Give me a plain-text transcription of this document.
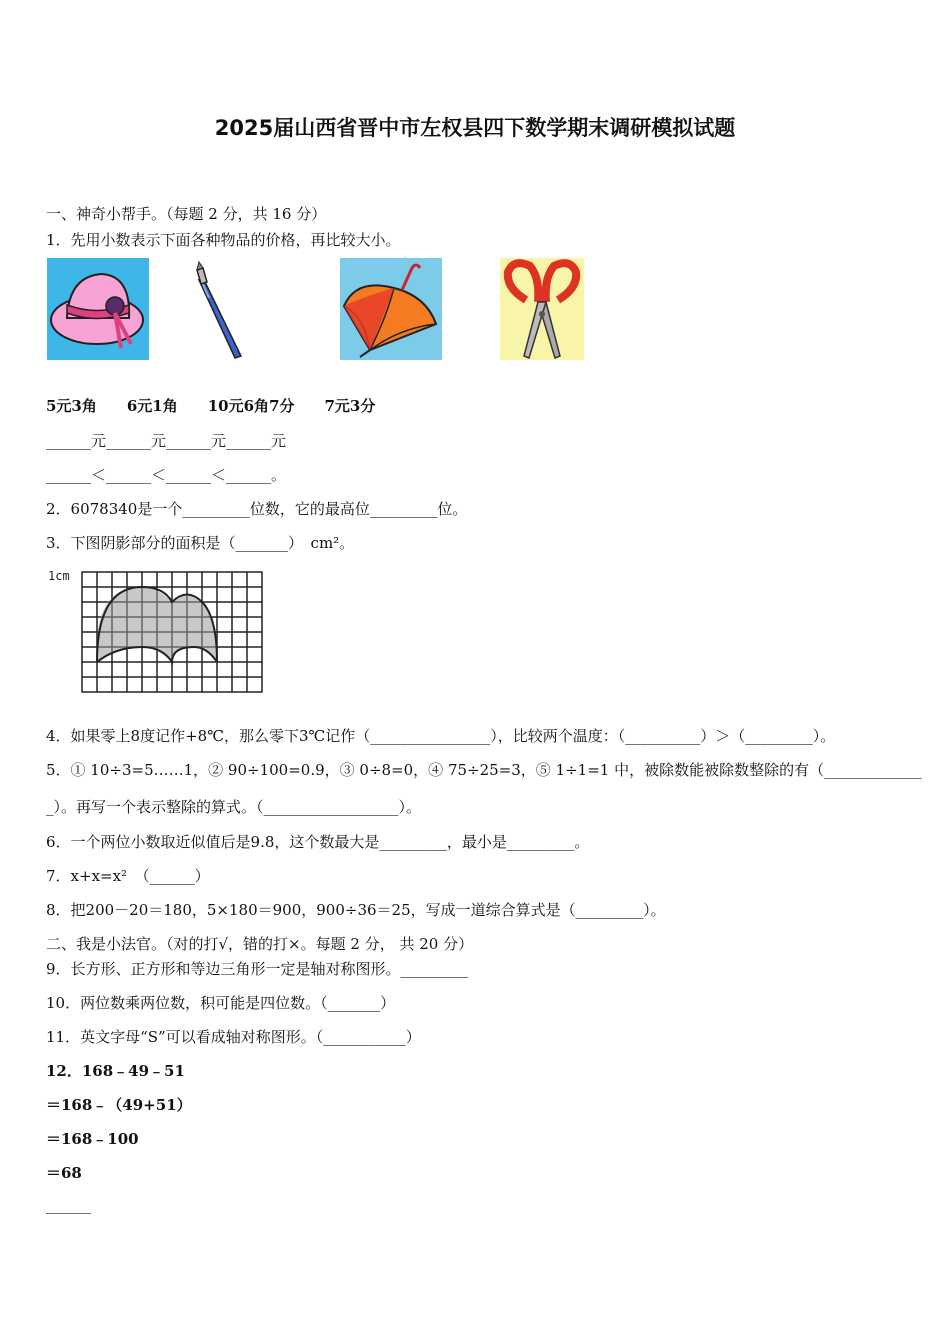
2025届山西省晋中市左权县四下数学期末调研模拟试题
一、神奇小帮手。（每题 2 分，共 16 分）
1．先用小数表示下面各种物品的价格，再比较大小。
5元3角　　6元1角　　10元6角7分　　7元3分
______元______元______元______元
______＜______＜______＜______。
2．6078340是一个_________位数，它的最高位_________位。
3．下图阴影部分的面积是（_______）　cm²。
1cm
4．如果零上8度记作+8℃，那么零下3℃记作（________________），比较两个温度：（__________）＞（_________）。
5．① 10÷3=5……1，② 90÷100=0.9，③ 0÷8=0，④ 75÷25=3，⑤ 1÷1=1 中，被除数能被除数整除的有（_____________
_）。再写一个表示整除的算式。（__________________）。
6．一个两位小数取近似值后是9.8，这个数最大是_________，最小是_________。
7．x+x=x²　（______）
8．把200－20＝180，5×180＝900，900÷36＝25，写成一道综合算式是（_________）。
二、我是小法官。（对的打√，错的打×。每题 2 分， 共 20 分）
9．长方形、正方形和等边三角形一定是轴对称图形。_________
10．两位数乘两位数，积可能是四位数。（_______）
11．英文字母“S”可以看成轴对称图形。（___________）
12．168﹣49﹣51
＝168﹣（49+51）
＝168﹣100
＝68
______
